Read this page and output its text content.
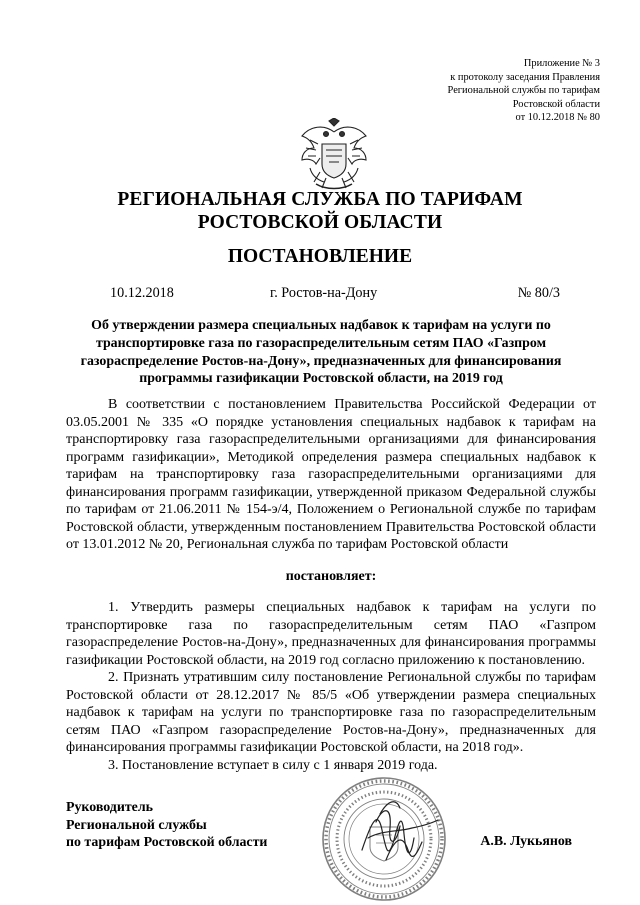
Приложение № 3
к протоколу заседания Правления
Региональной службы по тарифам
Ростовской области
от 10.12.2018 № 80
РЕГИОНАЛЬНАЯ СЛУЖБА ПО ТАРИФАМ
РОСТОВСКОЙ ОБЛАСТИ
ПОСТАНОВЛЕНИЕ
10.12.2018	г. Ростов-на-Дону	№ 80/3
Об утверждении размера специальных надбавок к тарифам на услуги по транспортировке газа по газораспределительным сетям ПАО «Газпром газораспределение Ростов-на-Дону», предназначенных для финансирования программы газификации Ростовской области, на 2019 год
В соответствии с постановлением Правительства Российской Федерации от 03.05.2001 № 335 «О порядке установления специальных надбавок к тарифам на транспортировку газа газораспределительными организациями для финансирования программ газификации», Методикой определения размера специальных надбавок к тарифам на транспортировку газа газораспределительными организациями для финансирования программ газификации, утвержденной приказом Федеральной службы по тарифам от 21.06.2011 № 154-э/4, Положением о Региональной службе по тарифам Ростовской области, утвержденным постановлением Правительства Ростовской области от 13.01.2012 № 20, Региональная служба по тарифам Ростовской области
постановляет:

1. Утвердить размеры специальных надбавок к тарифам на услуги по транспортировке газа по газораспределительным сетям ПАО «Газпром газораспределение Ростов-на-Дону», предназначенных для финансирования программы газификации Ростовской области, на 2019 год согласно приложению к постановлению.

2. Признать утратившим силу постановление Региональной службы по тарифам Ростовской области от 28.12.2017 № 85/5 «Об утверждении размера специальных надбавок к тарифам на услуги по транспортировке газа по газораспределительным сетям ПАО «Газпром газораспределение Ростов-на-Дону», предназначенных для финансирования программы газификации Ростовской области, на 2018 год».

3. Постановление вступает в силу с 1 января 2019 года.

Руководитель
Региональной службы
по тарифам Ростовской области	А.В. Лукьянов
